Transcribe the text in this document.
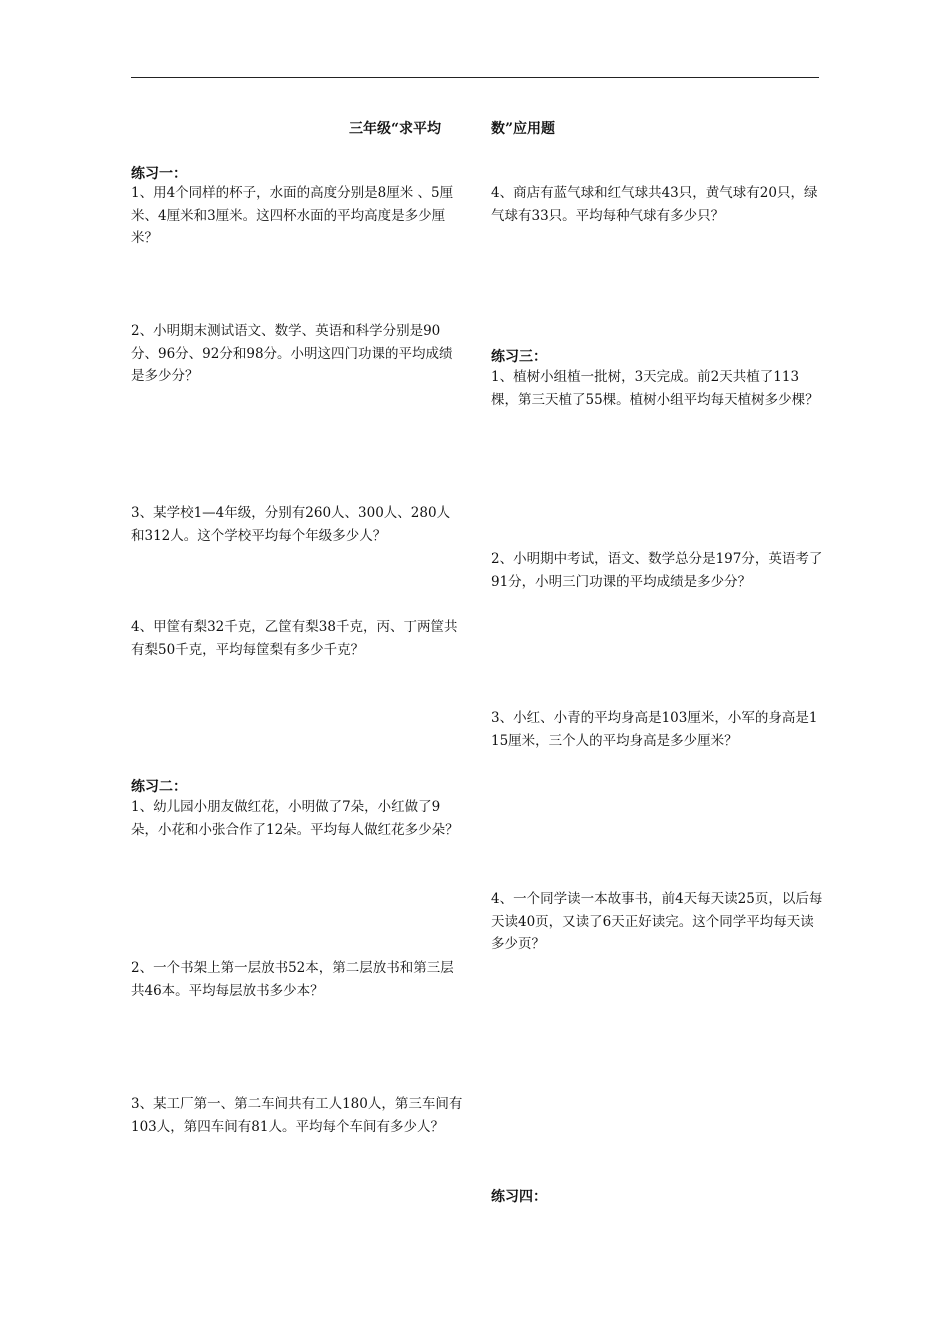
三年级“求平均	数”应用题
练习一：
1、用4个同样的杯子，水面的高度分别是8厘米 、5厘米、4厘米和3厘米。这四杯水面的平均高度是多少厘米？
2、小明期末测试语文、数学、英语和科学分别是90分、96分、92分和98分。小明这四门功课的平均成绩是多少分？
3、某学校1—4年级，分别有260人、300人、280人和312人。这个学校平均每个年级多少人？
4、甲筐有梨32千克，乙筐有梨38千克，丙、丁两筐共有梨50千克，平均每筐梨有多少千克？
练习二：
1、幼儿园小朋友做红花，小明做了7朵，小红做了9朵，小花和小张合作了12朵。平均每人做红花多少朵？
2、一个书架上第一层放书52本，第二层放书和第三层共46本。平均每层放书多少本？
3、某工厂第一、第二车间共有工人180人，第三车间有103人，第四车间有81人。平均每个车间有多少人？
4、商店有蓝气球和红气球共43只，黄气球有20只，绿气球有33只。平均每种气球有多少只？
练习三：
1、植树小组植一批树，3天完成。前2天共植了113棵，第三天植了55棵。植树小组平均每天植树多少棵？
2、小明期中考试，语文、数学总分是197分，英语考了91分，小明三门功课的平均成绩是多少分？
3、小红、小青的平均身高是103厘米，小军的身高是115厘米，三个人的平均身高是多少厘米？
4、一个同学读一本故事书，前4天每天读25页，以后每天读40页，又读了6天正好读完。这个同学平均每天读多少页？
练习四：
